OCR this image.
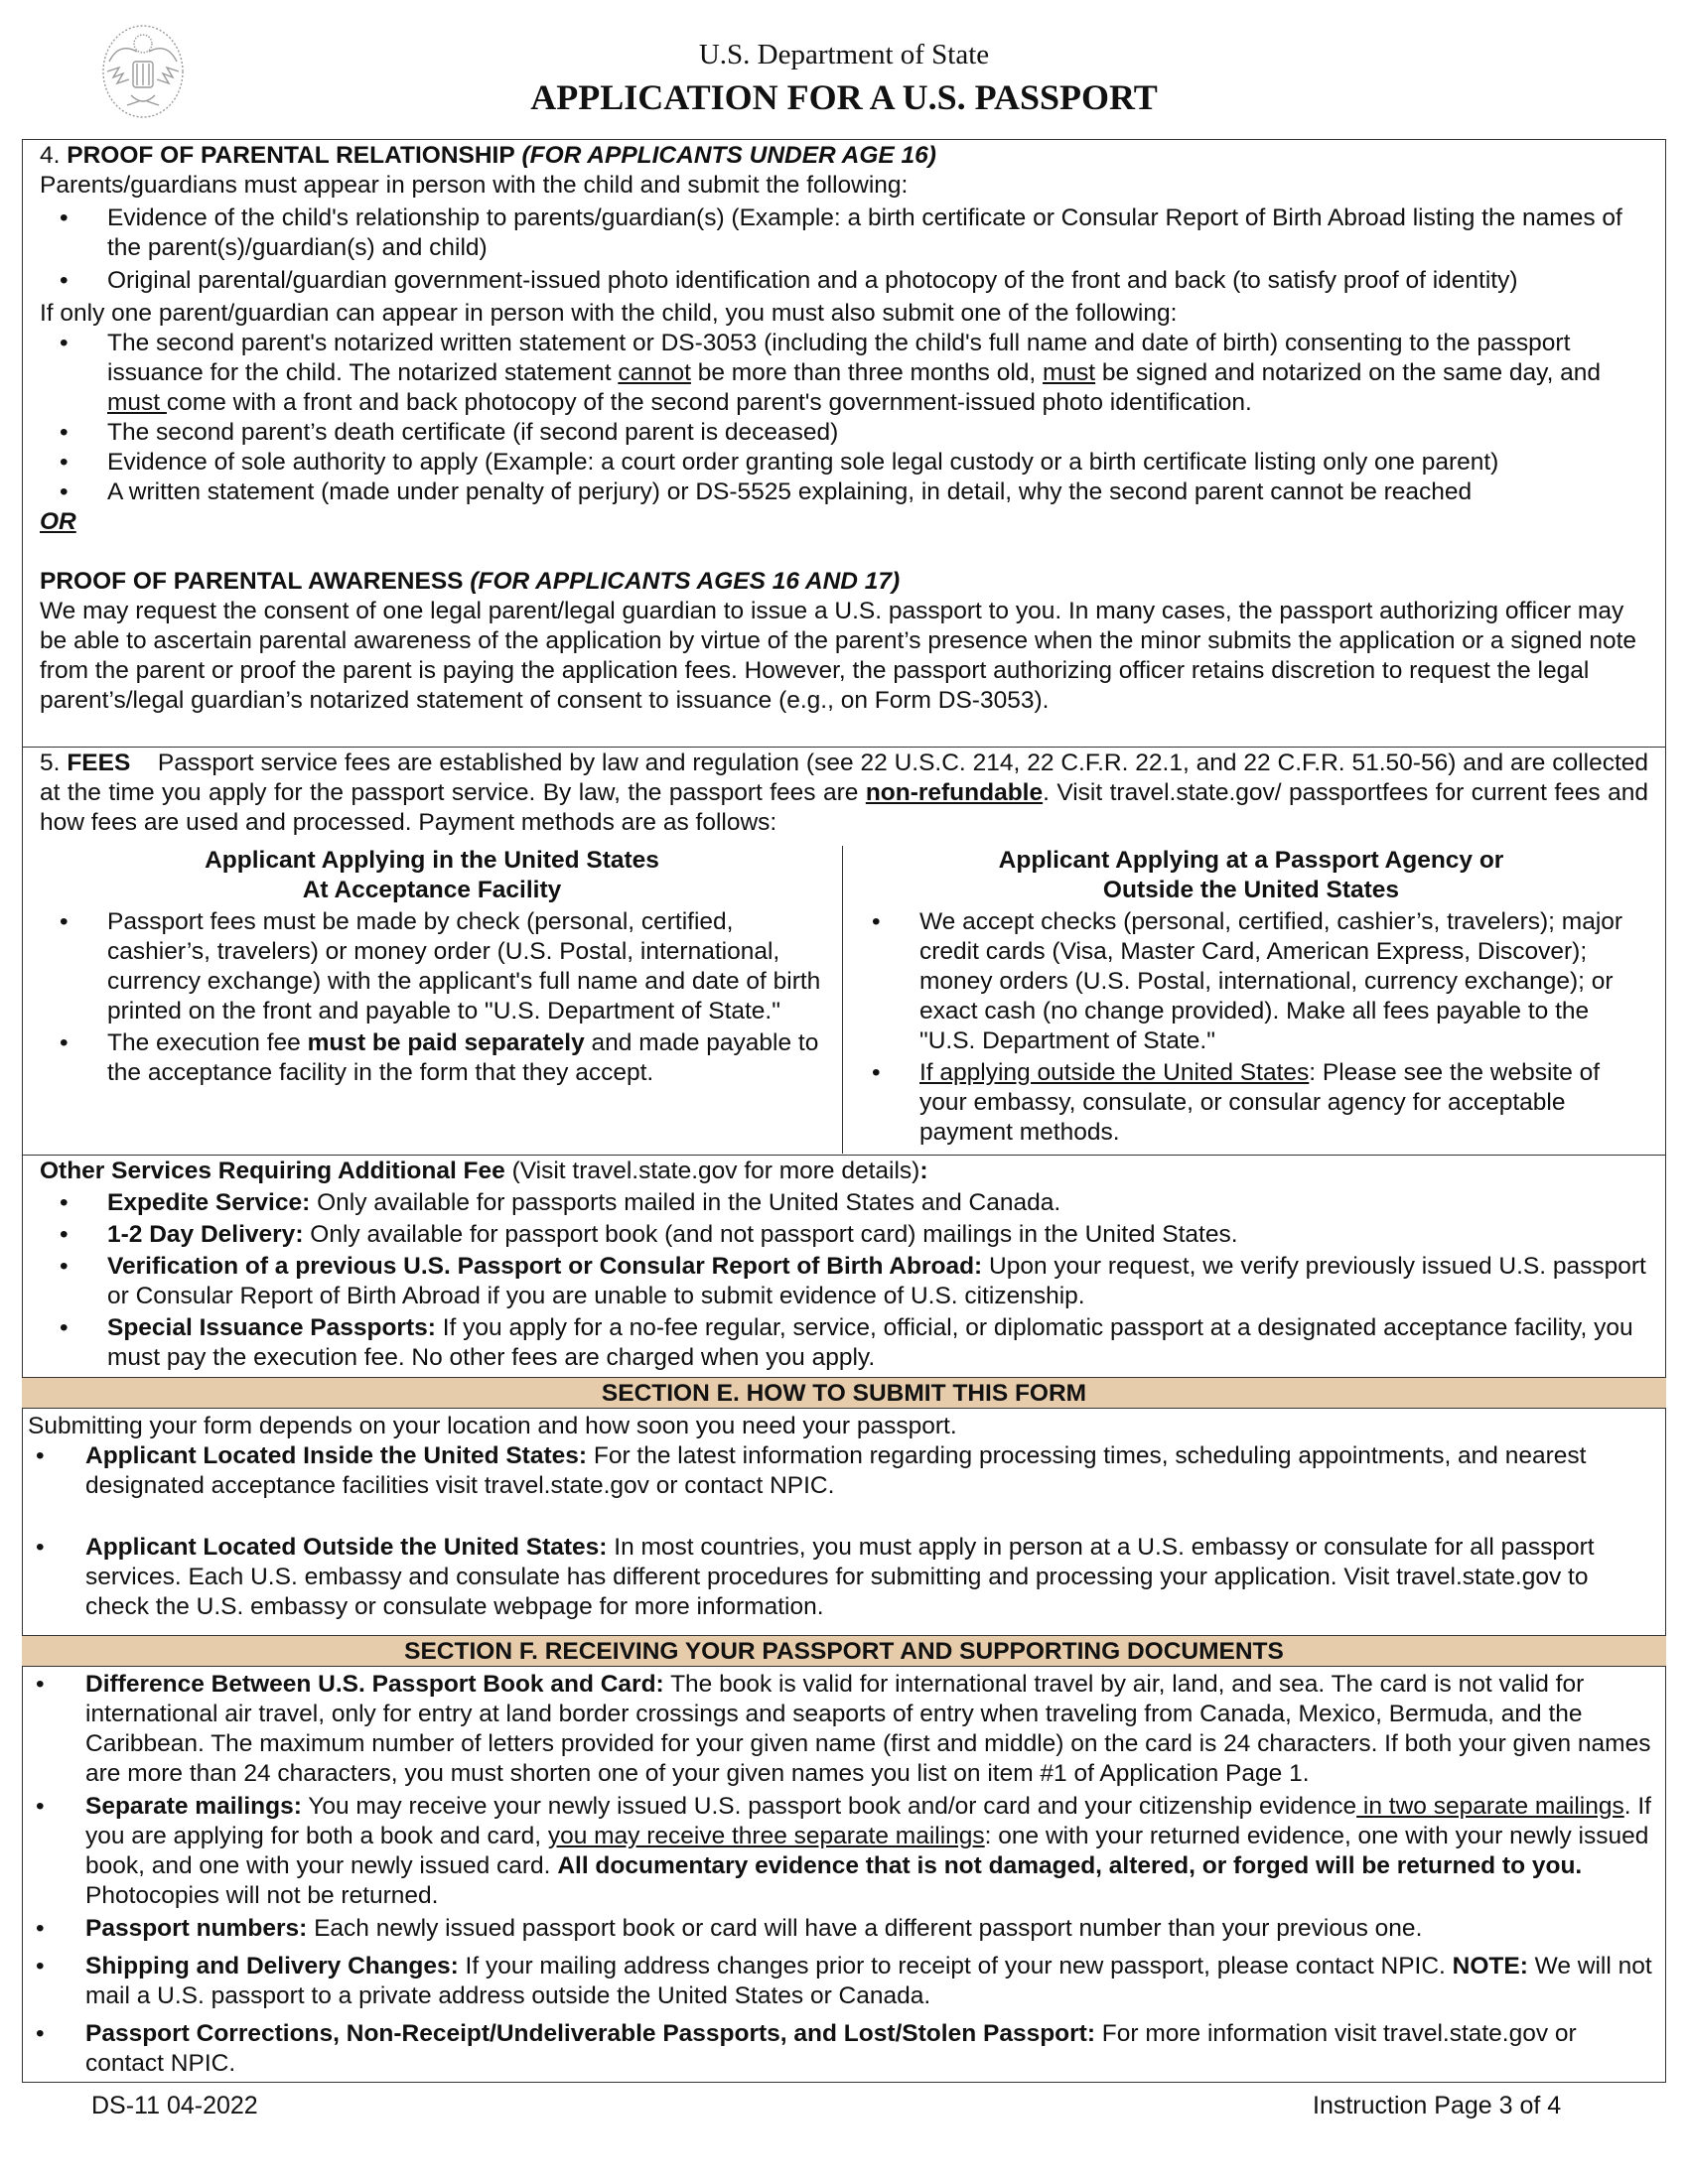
U.S. Department of State
APPLICATION FOR A U.S. PASSPORT

4. PROOF OF PARENTAL RELATIONSHIP (FOR APPLICANTS UNDER AGE 16)

Parents/guardians must appear in person with the child and submit the following:

• Evidence of the child's relationship to parents/guardian(s) (Example: a birth certificate or Consular Report of Birth Abroad listing the names of the parent(s)/guardian(s) and child)

• Original parental/guardian government-issued photo identification and a photocopy of the front and back (to satisfy proof of identity)

If only one parent/guardian can appear in person with the child, you must also submit one of the following:

• The second parent's notarized written statement or DS-3053 (including the child's full name and date of birth) consenting to the passport issuance for the child. The notarized statement cannot be more than three months old, must be signed and notarized on the same day, and must come with a front and back photocopy of the second parent's government-issued photo identification.

• The second parent’s death certificate (if second parent is deceased)

• Evidence of sole authority to apply (Example: a court order granting sole legal custody or a birth certificate listing only one parent)

• A written statement (made under penalty of perjury) or DS-5525 explaining, in detail, why the second parent cannot be reached

OR

PROOF OF PARENTAL AWARENESS (FOR APPLICANTS AGES 16 AND 17)

We may request the consent of one legal parent/legal guardian to issue a U.S. passport to you. In many cases, the passport authorizing officer may be able to ascertain parental awareness of the application by virtue of the parent’s presence when the minor submits the application or a signed note from the parent or proof the parent is paying the application fees. However, the passport authorizing officer retains discretion to request the legal parent’s/legal guardian’s notarized statement of consent to issuance (e.g., on Form DS-3053).

5. FEES Passport service fees are established by law and regulation (see 22 U.S.C. 214, 22 C.F.R. 22.1, and 22 C.F.R. 51.50-56) and are collected at the time you apply for the passport service. By law, the passport fees are non-refundable. Visit travel.state.gov/ passportfees for current fees and how fees are used and processed. Payment methods are as follows:

Applicant Applying in the United States

At Acceptance Facility

• Passport fees must be made by check (personal, certified, cashier’s, travelers) or money order (U.S. Postal, international, currency exchange) with the applicant's full name and date of birth printed on the front and payable to "U.S. Department of State."

• The execution fee must be paid separately and made payable to the acceptance facility in the form that they accept.

Applicant Applying at a Passport Agency or

Outside the United States

• We accept checks (personal, certified, cashier’s, travelers); major credit cards (Visa, Master Card, American Express, Discover); money orders (U.S. Postal, international, currency exchange); or exact cash (no change provided). Make all fees payable to the "U.S. Department of State."

• If applying outside the United States: Please see the website of your embassy, consulate, or consular agency for acceptable payment methods.

Other Services Requiring Additional Fee (Visit travel.state.gov for more details):

• Expedite Service: Only available for passports mailed in the United States and Canada.

• 1-2 Day Delivery: Only available for passport book (and not passport card) mailings in the United States.

• Verification of a previous U.S. Passport or Consular Report of Birth Abroad: Upon your request, we verify previously issued U.S. passport or Consular Report of Birth Abroad if you are unable to submit evidence of U.S. citizenship.

• Special Issuance Passports: If you apply for a no-fee regular, service, official, or diplomatic passport at a designated acceptance facility, you must pay the execution fee. No other fees are charged when you apply.

SECTION E. HOW TO SUBMIT THIS FORM

Submitting your form depends on your location and how soon you need your passport.

• Applicant Located Inside the United States: For the latest information regarding processing times, scheduling appointments, and nearest designated acceptance facilities visit travel.state.gov or contact NPIC.

• Applicant Located Outside the United States: In most countries, you must apply in person at a U.S. embassy or consulate for all passport services. Each U.S. embassy and consulate has different procedures for submitting and processing your application. Visit travel.state.gov to check the U.S. embassy or consulate webpage for more information.

SECTION F. RECEIVING YOUR PASSPORT AND SUPPORTING DOCUMENTS

• Difference Between U.S. Passport Book and Card: The book is valid for international travel by air, land, and sea. The card is not valid for international air travel, only for entry at land border crossings and seaports of entry when traveling from Canada, Mexico, Bermuda, and the Caribbean. The maximum number of letters provided for your given name (first and middle) on the card is 24 characters. If both your given names are more than 24 characters, you must shorten one of your given names you list on item #1 of Application Page 1.

• Separate mailings: You may receive your newly issued U.S. passport book and/or card and your citizenship evidence in two separate mailings. If you are applying for both a book and card, you may receive three separate mailings: one with your returned evidence, one with your newly issued book, and one with your newly issued card. All documentary evidence that is not damaged, altered, or forged will be returned to you. Photocopies will not be returned.

• Passport numbers: Each newly issued passport book or card will have a different passport number than your previous one.

• Shipping and Delivery Changes: If your mailing address changes prior to receipt of your new passport, please contact NPIC. NOTE: We will not mail a U.S. passport to a private address outside the United States or Canada.

• Passport Corrections, Non-Receipt/Undeliverable Passports, and Lost/Stolen Passport: For more information visit travel.state.gov or contact NPIC.

DS-11 04-2022	Instruction Page 3 of 4
